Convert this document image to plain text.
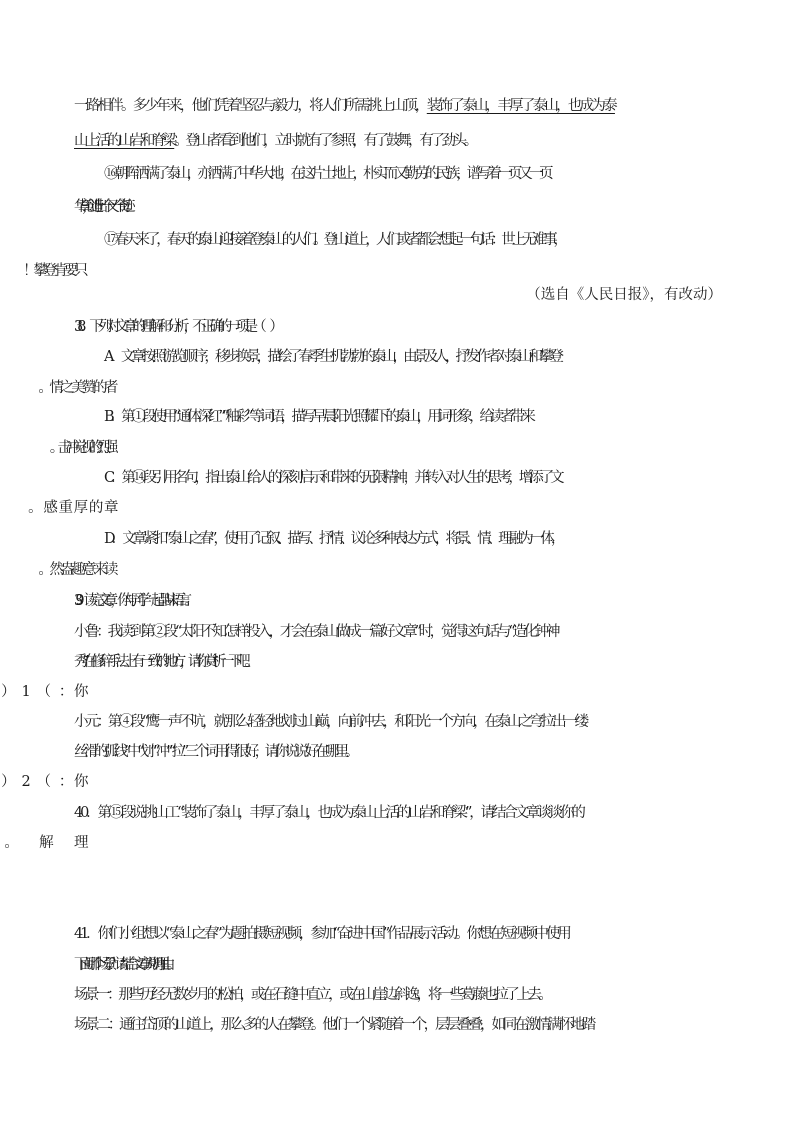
一路相伴。多少年来，他们凭着坚忍与毅力，将人们所需挑上山顶，装饰了泰山，丰厚了泰山，也成为泰
山上活的山岩和脊梁。登山者看到他们，立时就有了参照，有了鼓舞，有了劲头。
⑯朝晖洒满了泰山，亦洒满了中华大地，在这片土地上，朴实而又勤劳的民族，谱写着一页又一页
华章，创造出一个又一个奇迹。
⑰春天来了，春天的泰山迎接着登泰山的人们。登山道上，人们或者都会想起一句话：世上无难事，
（选自《人民日报》，有改动）
38．下列对文章的理解和分析，不正确的一项是（　）
A．文章按照游览顺序，移步换景，描绘了春季生机勃勃的泰山，由景及人，抒发作者对泰山和攀登
B．第①段使用“通体深红”“釉彩”等词语，描写早晨阳光照耀下的泰山，用词形象，给读者带来
C．第⑭段引用名句，指出泰山给人的深刻启示和带来的无限精神，并转入对人生的思考，增添了文
D．文章紧扣“泰山之春”，使用了记叙、描写、抒情、议论多种表达方式，将景、情、理融为一体，
39．读完文章，你与同学一起品味语言。
小鲁：我读到第②段“太阳不知怎样投入，才会在泰山做成一篇好文章”时，觉得这句话与“造化钟神
秀”在修辞手法上有一致的地方，请你赏析一下吧。
小元：第④段“鹰一声不吭，就那么轻轻地划过山巅，向前冲去，和阳光一个方向，在泰山之穹拉出一缕
丝滑的弧线”中“划”“冲”“拉”三个词用得很好，请你说说好在哪里。
40．第⑮段说挑山工“装饰了泰山，丰厚了泰山，也成为泰山上活的山岩和脊梁”，请结合文章谈谈你的
41．你们小组想以“泰山之春”为题拍摄短视频，参加“奋进中国”作品展示活动。你想在短视频中使用
下面哪个场景？请结合文章说明理由。
场景一：那些历经无数岁月的松柏，或在石缝中直立，或在山崖边斜逸，将一些葛藤也拉了上去。
场景二：通往岱顶的山道上，那么多的人在攀登。他们一个紧随着一个，层层叠叠，如同在激情满怀地踏
